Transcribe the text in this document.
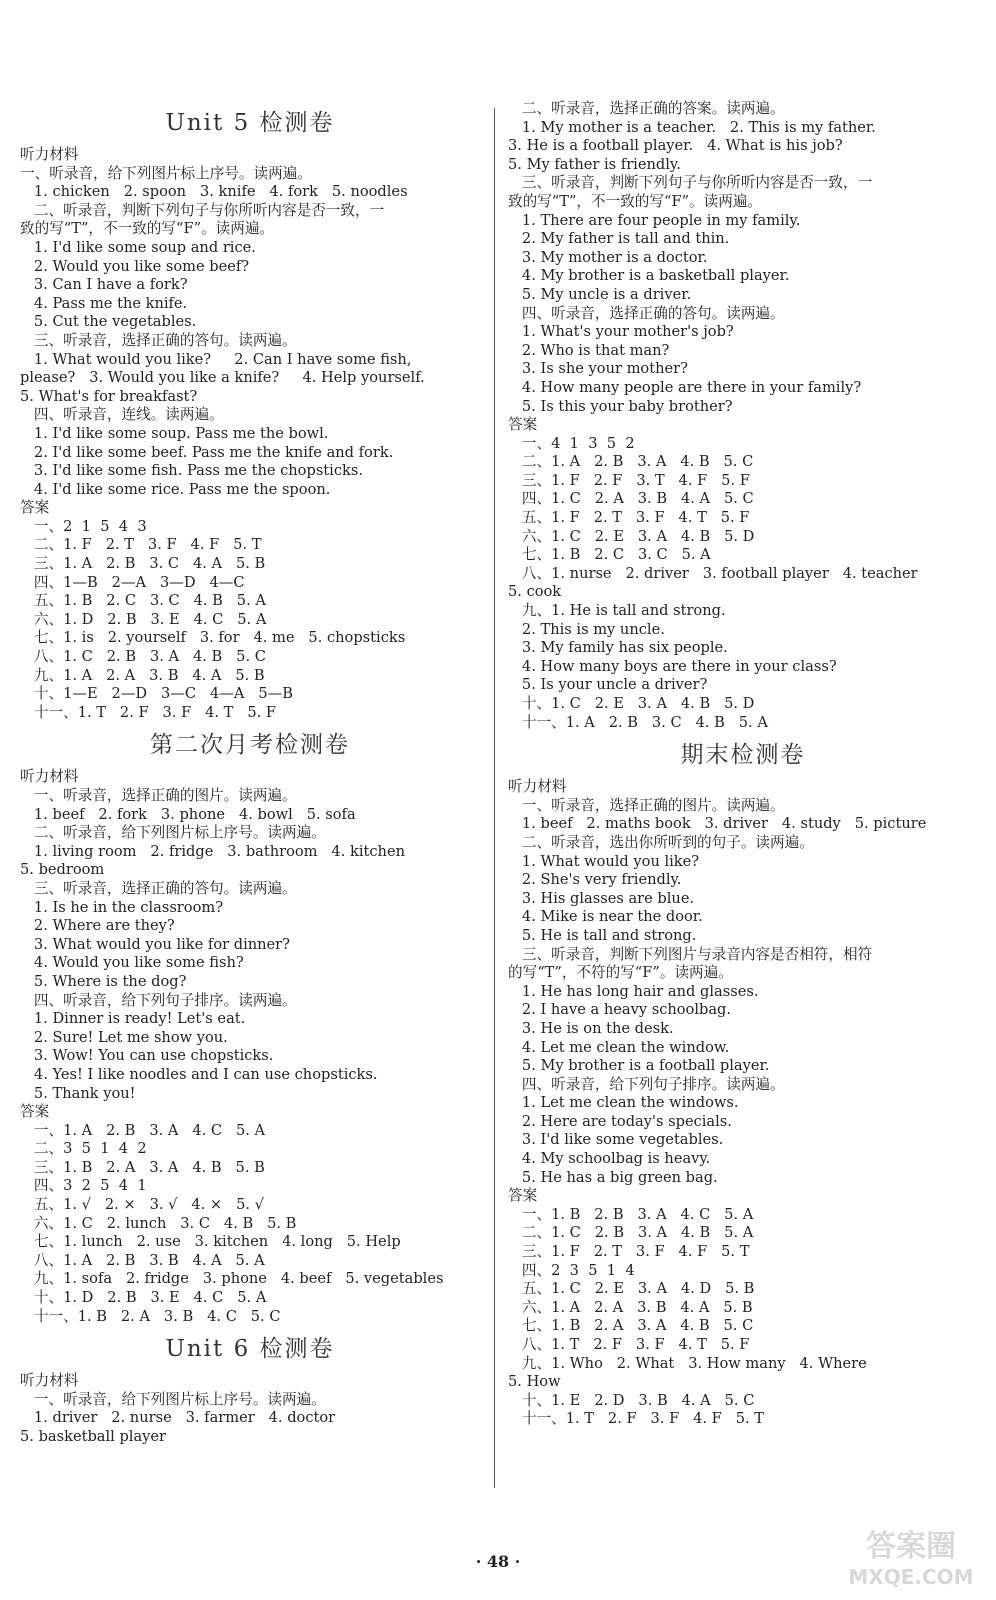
Unit 5 检测卷
听力材料
一、听录音，给下列图片标上序号。读两遍。
1. chicken   2. spoon   3. knife   4. fork   5. noodles
二、听录音，判断下列句子与你所听内容是否一致，一
致的写“T”，不一致的写“F”。读两遍。
1. I'd like some soup and rice.
2. Would you like some beef?
3. Can I have a fork?
4. Pass me the knife.
5. Cut the vegetables.
三、听录音，选择正确的答句。读两遍。
1. What would you like?     2. Can I have some fish,
please?   3. Would you like a knife?     4. Help yourself.
5. What's for breakfast?
四、听录音，连线。读两遍。
1. I'd like some soup. Pass me the bowl.
2. I'd like some beef. Pass me the knife and fork.
3. I'd like some fish. Pass me the chopsticks.
4. I'd like some rice. Pass me the spoon.
答案
一、2  1  5  4  3
二、1. F   2. T   3. F   4. F   5. T
三、1. A   2. B   3. C   4. A   5. B
四、1—B   2—A   3—D   4—C
五、1. B   2. C   3. C   4. B   5. A
六、1. D   2. B   3. E   4. C   5. A
七、1. is   2. yourself   3. for   4. me   5. chopsticks
八、1. C   2. B   3. A   4. B   5. C
九、1. A   2. A   3. B   4. A   5. B
十、1—E   2—D   3—C   4—A   5—B
十一、1. T   2. F   3. F   4. T   5. F
第二次月考检测卷
听力材料
一、听录音，选择正确的图片。读两遍。
1. beef   2. fork   3. phone   4. bowl   5. sofa
二、听录音，给下列图片标上序号。读两遍。
1. living room   2. fridge   3. bathroom   4. kitchen
5. bedroom
三、听录音，选择正确的答句。读两遍。
1. Is he in the classroom?
2. Where are they?
3. What would you like for dinner?
4. Would you like some fish?
5. Where is the dog?
四、听录音，给下列句子排序。读两遍。
1. Dinner is ready! Let's eat.
2. Sure! Let me show you.
3. Wow! You can use chopsticks.
4. Yes! I like noodles and I can use chopsticks.
5. Thank you!
答案
一、1. A   2. B   3. A   4. C   5. A
二、3  5  1  4  2
三、1. B   2. A   3. A   4. B   5. B
四、3  2  5  4  1
五、1. √   2. ×   3. √   4. ×   5. √
六、1. C   2. lunch   3. C   4. B   5. B
七、1. lunch   2. use   3. kitchen   4. long   5. Help
八、1. A   2. B   3. B   4. A   5. A
九、1. sofa   2. fridge   3. phone   4. beef   5. vegetables
十、1. D   2. B   3. E   4. C   5. A
十一、1. B   2. A   3. B   4. C   5. C
Unit 6 检测卷
听力材料
一、听录音，给下列图片标上序号。读两遍。
1. driver   2. nurse   3. farmer   4. doctor
5. basketball player
二、听录音，选择正确的答案。读两遍。
1. My mother is a teacher.   2. This is my father.
3. He is a football player.   4. What is his job?
5. My father is friendly.
三、听录音，判断下列句子与你所听内容是否一致，一
致的写“T”，不一致的写“F”。读两遍。
1. There are four people in my family.
2. My father is tall and thin.
3. My mother is a doctor.
4. My brother is a basketball player.
5. My uncle is a driver.
四、听录音，选择正确的答句。读两遍。
1. What's your mother's job?
2. Who is that man?
3. Is she your mother?
4. How many people are there in your family?
5. Is this your baby brother?
答案
一、4  1  3  5  2
二、1. A   2. B   3. A   4. B   5. C
三、1. F   2. F   3. T   4. F   5. F
四、1. C   2. A   3. B   4. A   5. C
五、1. F   2. T   3. F   4. T   5. F
六、1. C   2. E   3. A   4. B   5. D
七、1. B   2. C   3. C   5. A
八、1. nurse   2. driver   3. football player   4. teacher
5. cook
九、1. He is tall and strong.
2. This is my uncle.
3. My family has six people.
4. How many boys are there in your class?
5. Is your uncle a driver?
十、1. C   2. E   3. A   4. B   5. D
十一、1. A   2. B   3. C   4. B   5. A
期末检测卷
听力材料
一、听录音，选择正确的图片。读两遍。
1. beef   2. maths book   3. driver   4. study   5. picture
二、听录音，选出你所听到的句子。读两遍。
1. What would you like?
2. She's very friendly.
3. His glasses are blue.
4. Mike is near the door.
5. He is tall and strong.
三、听录音，判断下列图片与录音内容是否相符，相符
的写“T”，不符的写“F”。读两遍。
1. He has long hair and glasses.
2. I have a heavy schoolbag.
3. He is on the desk.
4. Let me clean the window.
5. My brother is a football player.
四、听录音，给下列句子排序。读两遍。
1. Let me clean the windows.
2. Here are today's specials.
3. I'd like some vegetables.
4. My schoolbag is heavy.
5. He has a big green bag.
答案
一、1. B   2. B   3. A   4. C   5. A
二、1. C   2. B   3. A   4. B   5. A
三、1. F   2. T   3. F   4. F   5. T
四、2  3  5  1  4
五、1. C   2. E   3. A   4. D   5. B
六、1. A   2. A   3. B   4. A   5. B
七、1. B   2. A   3. A   4. B   5. C
八、1. T   2. F   3. F   4. T   5. F
九、1. Who   2. What   3. How many   4. Where
5. How
十、1. E   2. D   3. B   4. A   5. C
十一、1. T   2. F   3. F   4. F   5. T
· 48 ·	答案圈
MXQE.COM
